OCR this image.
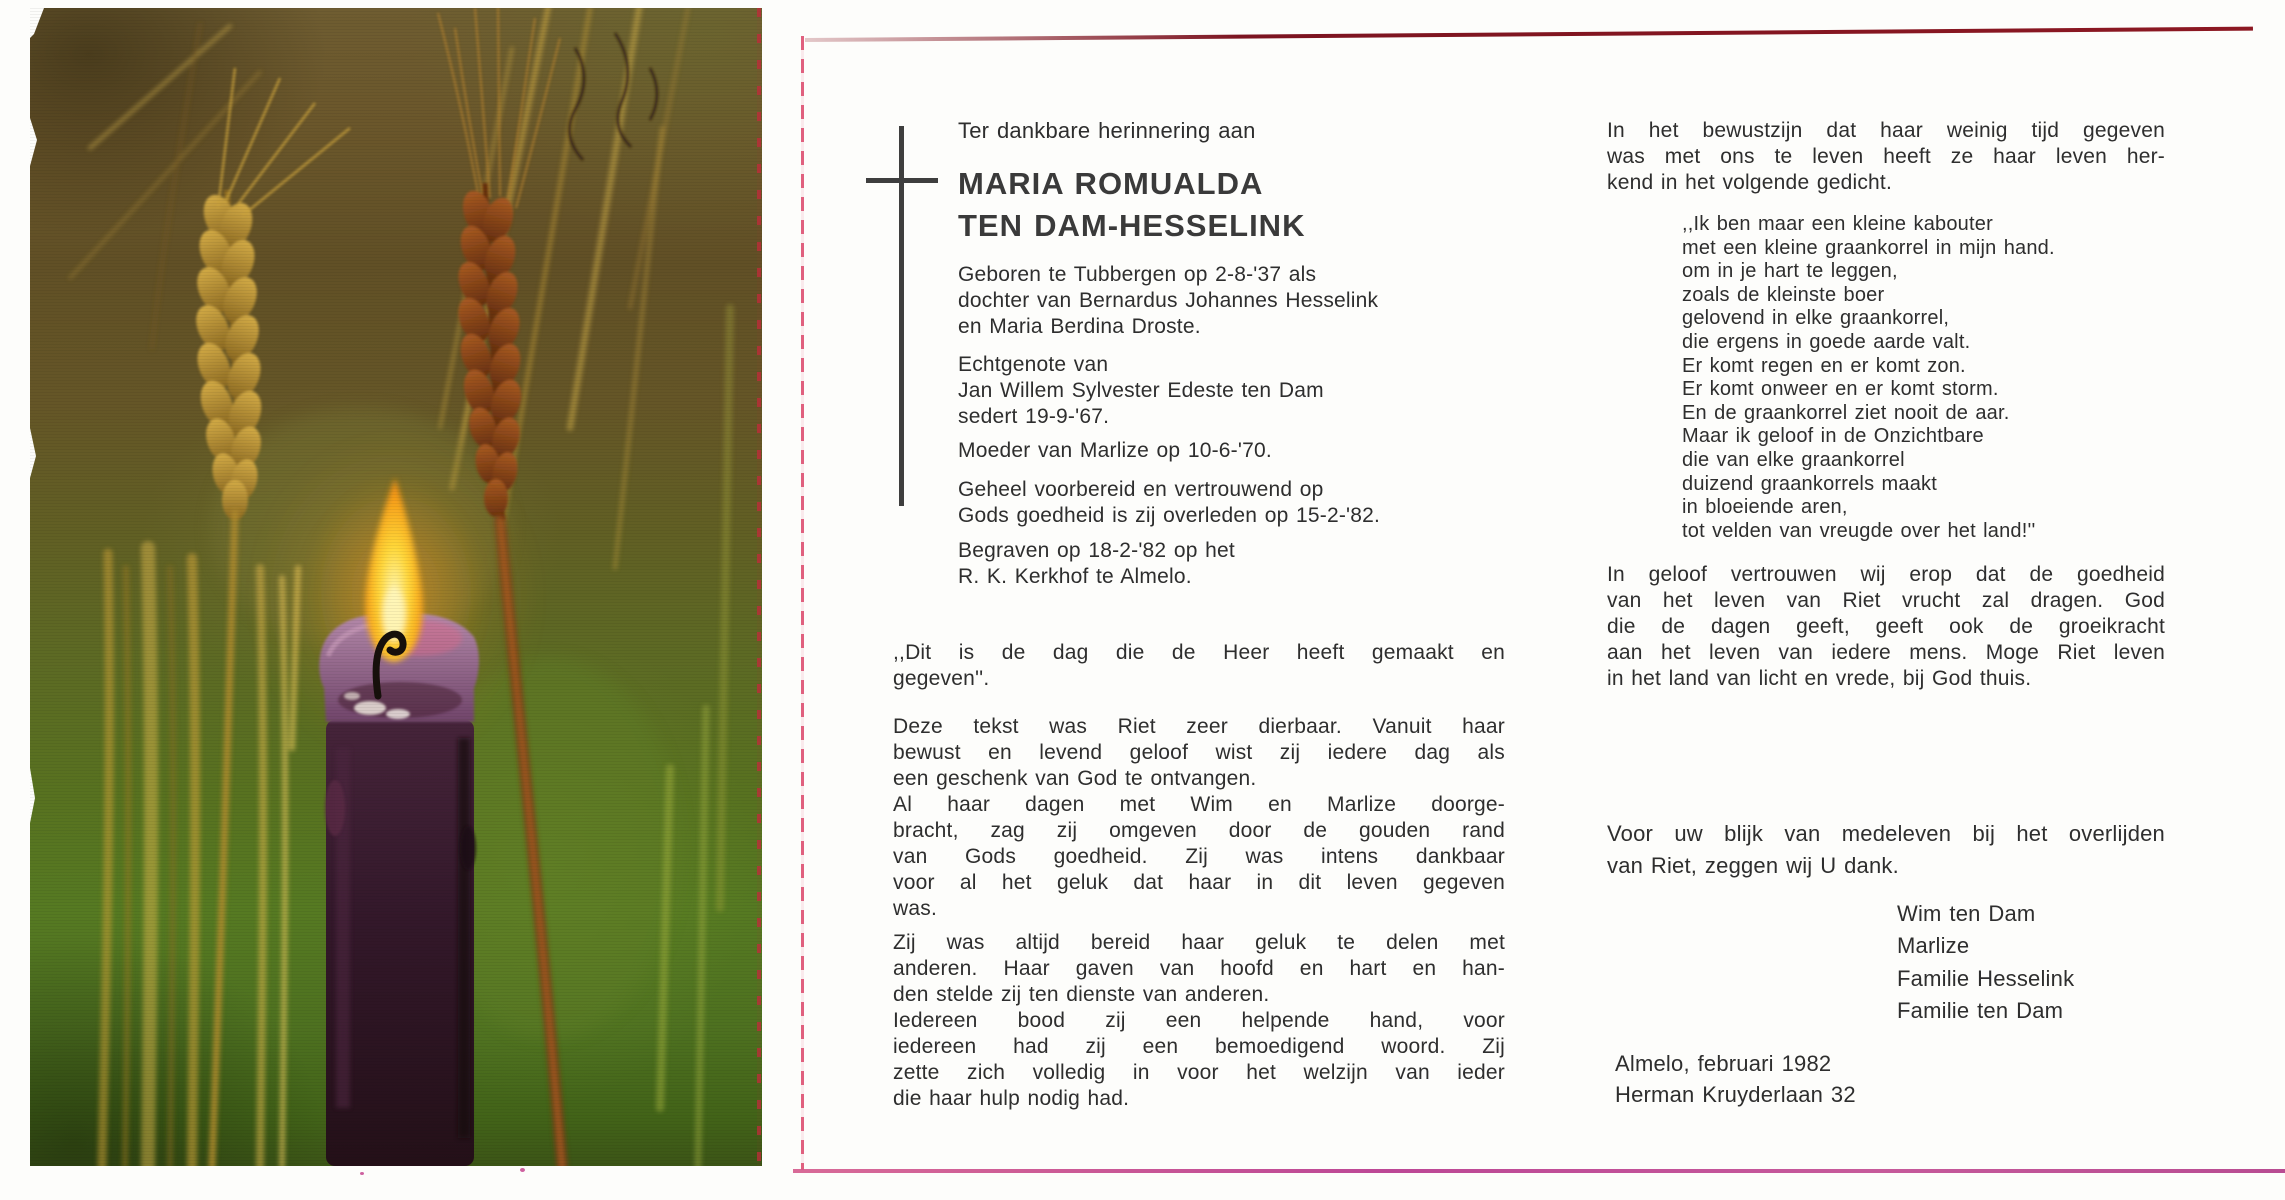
Ter dankbare herinnering aan
MARIA ROMUALDA
TEN DAM-HESSELINK
Geboren te Tubbergen op 2-8-'37 als
dochter van Bernardus Johannes Hesselink
en Maria Berdina Droste.
Echtgenote van
Jan Willem Sylvester Edeste ten Dam
sedert 19-9-'67.
Moeder van Marlize op 10-6-'70.
Geheel voorbereid en vertrouwend op
Gods goedheid is zij overleden op 15-2-'82.
Begraven op 18-2-'82 op het
R. K. Kerkhof te Almelo.
,,Dit is de dag die de Heer heeft gemaakt en
gegeven''.
Deze tekst was Riet zeer dierbaar. Vanuit haar
bewust en levend geloof wist zij iedere dag als
een geschenk van God te ontvangen.
Al haar dagen met Wim en Marlize doorge-
bracht, zag zij omgeven door de gouden rand
van Gods goedheid. Zij was intens dankbaar
voor al het geluk dat haar in dit leven gegeven
was.
Zij was altijd bereid haar geluk te delen met
anderen. Haar gaven van hoofd en hart en han-
den stelde zij ten dienste van anderen.
Iedereen bood zij een helpende hand, voor
iedereen had zij een bemoedigend woord. Zij
zette zich volledig in voor het welzijn van ieder
die haar hulp nodig had.
In het bewustzijn dat haar weinig tijd gegeven
was met ons te leven heeft ze haar leven her-
kend in het volgende gedicht.
,,Ik ben maar een kleine kabouter
met een kleine graankorrel in mijn hand.
om in je hart te leggen,
zoals de kleinste boer
gelovend in elke graankorrel,
die ergens in goede aarde valt.
Er komt regen en er komt zon.
Er komt onweer en er komt storm.
En de graankorrel ziet nooit de aar.
Maar ik geloof in de Onzichtbare
die van elke graankorrel
duizend graankorrels maakt
in bloeiende aren,
tot velden van vreugde over het land!''
In geloof vertrouwen wij erop dat de goedheid
van het leven van Riet vrucht zal dragen. God
die de dagen geeft, geeft ook de groeikracht
aan het leven van iedere mens. Moge Riet leven
in het land van licht en vrede, bij God thuis.
Voor uw blijk van medeleven bij het overlijden
van Riet, zeggen wij U dank.
Wim ten Dam
Marlize
Familie Hesselink
Familie ten Dam
Almelo, februari 1982
Herman Kruyderlaan 32
